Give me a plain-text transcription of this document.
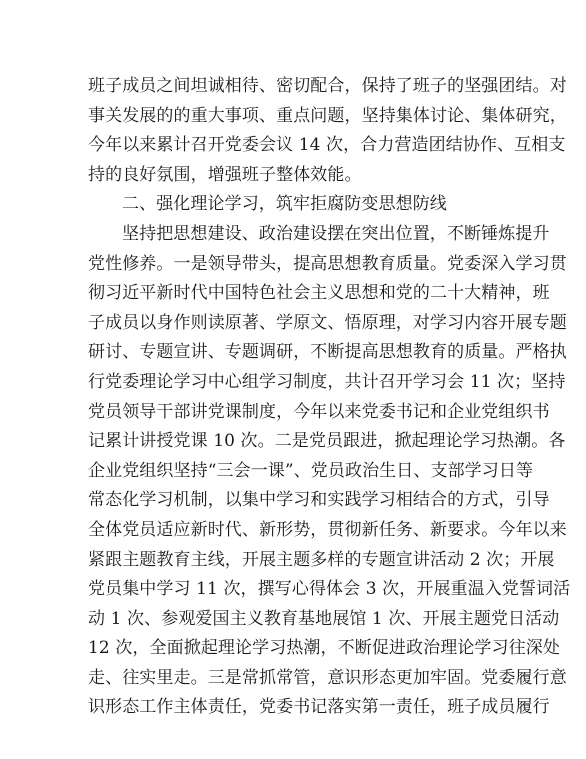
班子成员之间坦诚相待、密切配合，保持了班子的坚强团结。对
事关发展的的重大事项、重点问题，坚持集体讨论、集体研究，
今年以来累计召开党委会议 14 次，合力营造团结协作、互相支
持的良好氛围，增强班子整体效能。
二、强化理论学习，筑牢拒腐防变思想防线
坚持把思想建设、政治建设摆在突出位置，不断锤炼提升
党性修养。一是领导带头，提高思想教育质量。党委深入学习贯
彻习近平新时代中国特色社会主义思想和党的二十大精神，班
子成员以身作则读原著、学原文、悟原理，对学习内容开展专题
研讨、专题宣讲、专题调研，不断提高思想教育的质量。严格执
行党委理论学习中心组学习制度，共计召开学习会 11 次；坚持
党员领导干部讲党课制度，今年以来党委书记和企业党组织书
记累计讲授党课 10 次。二是党员跟进，掀起理论学习热潮。各
企业党组织坚持“三会一课”、党员政治生日、支部学习日等
常态化学习机制，以集中学习和实践学习相结合的方式，引导
全体党员适应新时代、新形势，贯彻新任务、新要求。今年以来
紧跟主题教育主线，开展主题多样的专题宣讲活动 2 次；开展
党员集中学习 11 次，撰写心得体会 3 次，开展重温入党誓词活
动 1 次、参观爱国主义教育基地展馆 1 次、开展主题党日活动
12 次，全面掀起理论学习热潮，不断促进政治理论学习往深处
走、往实里走。三是常抓常管，意识形态更加牢固。党委履行意
识形态工作主体责任，党委书记落实第一责任，班子成员履行
